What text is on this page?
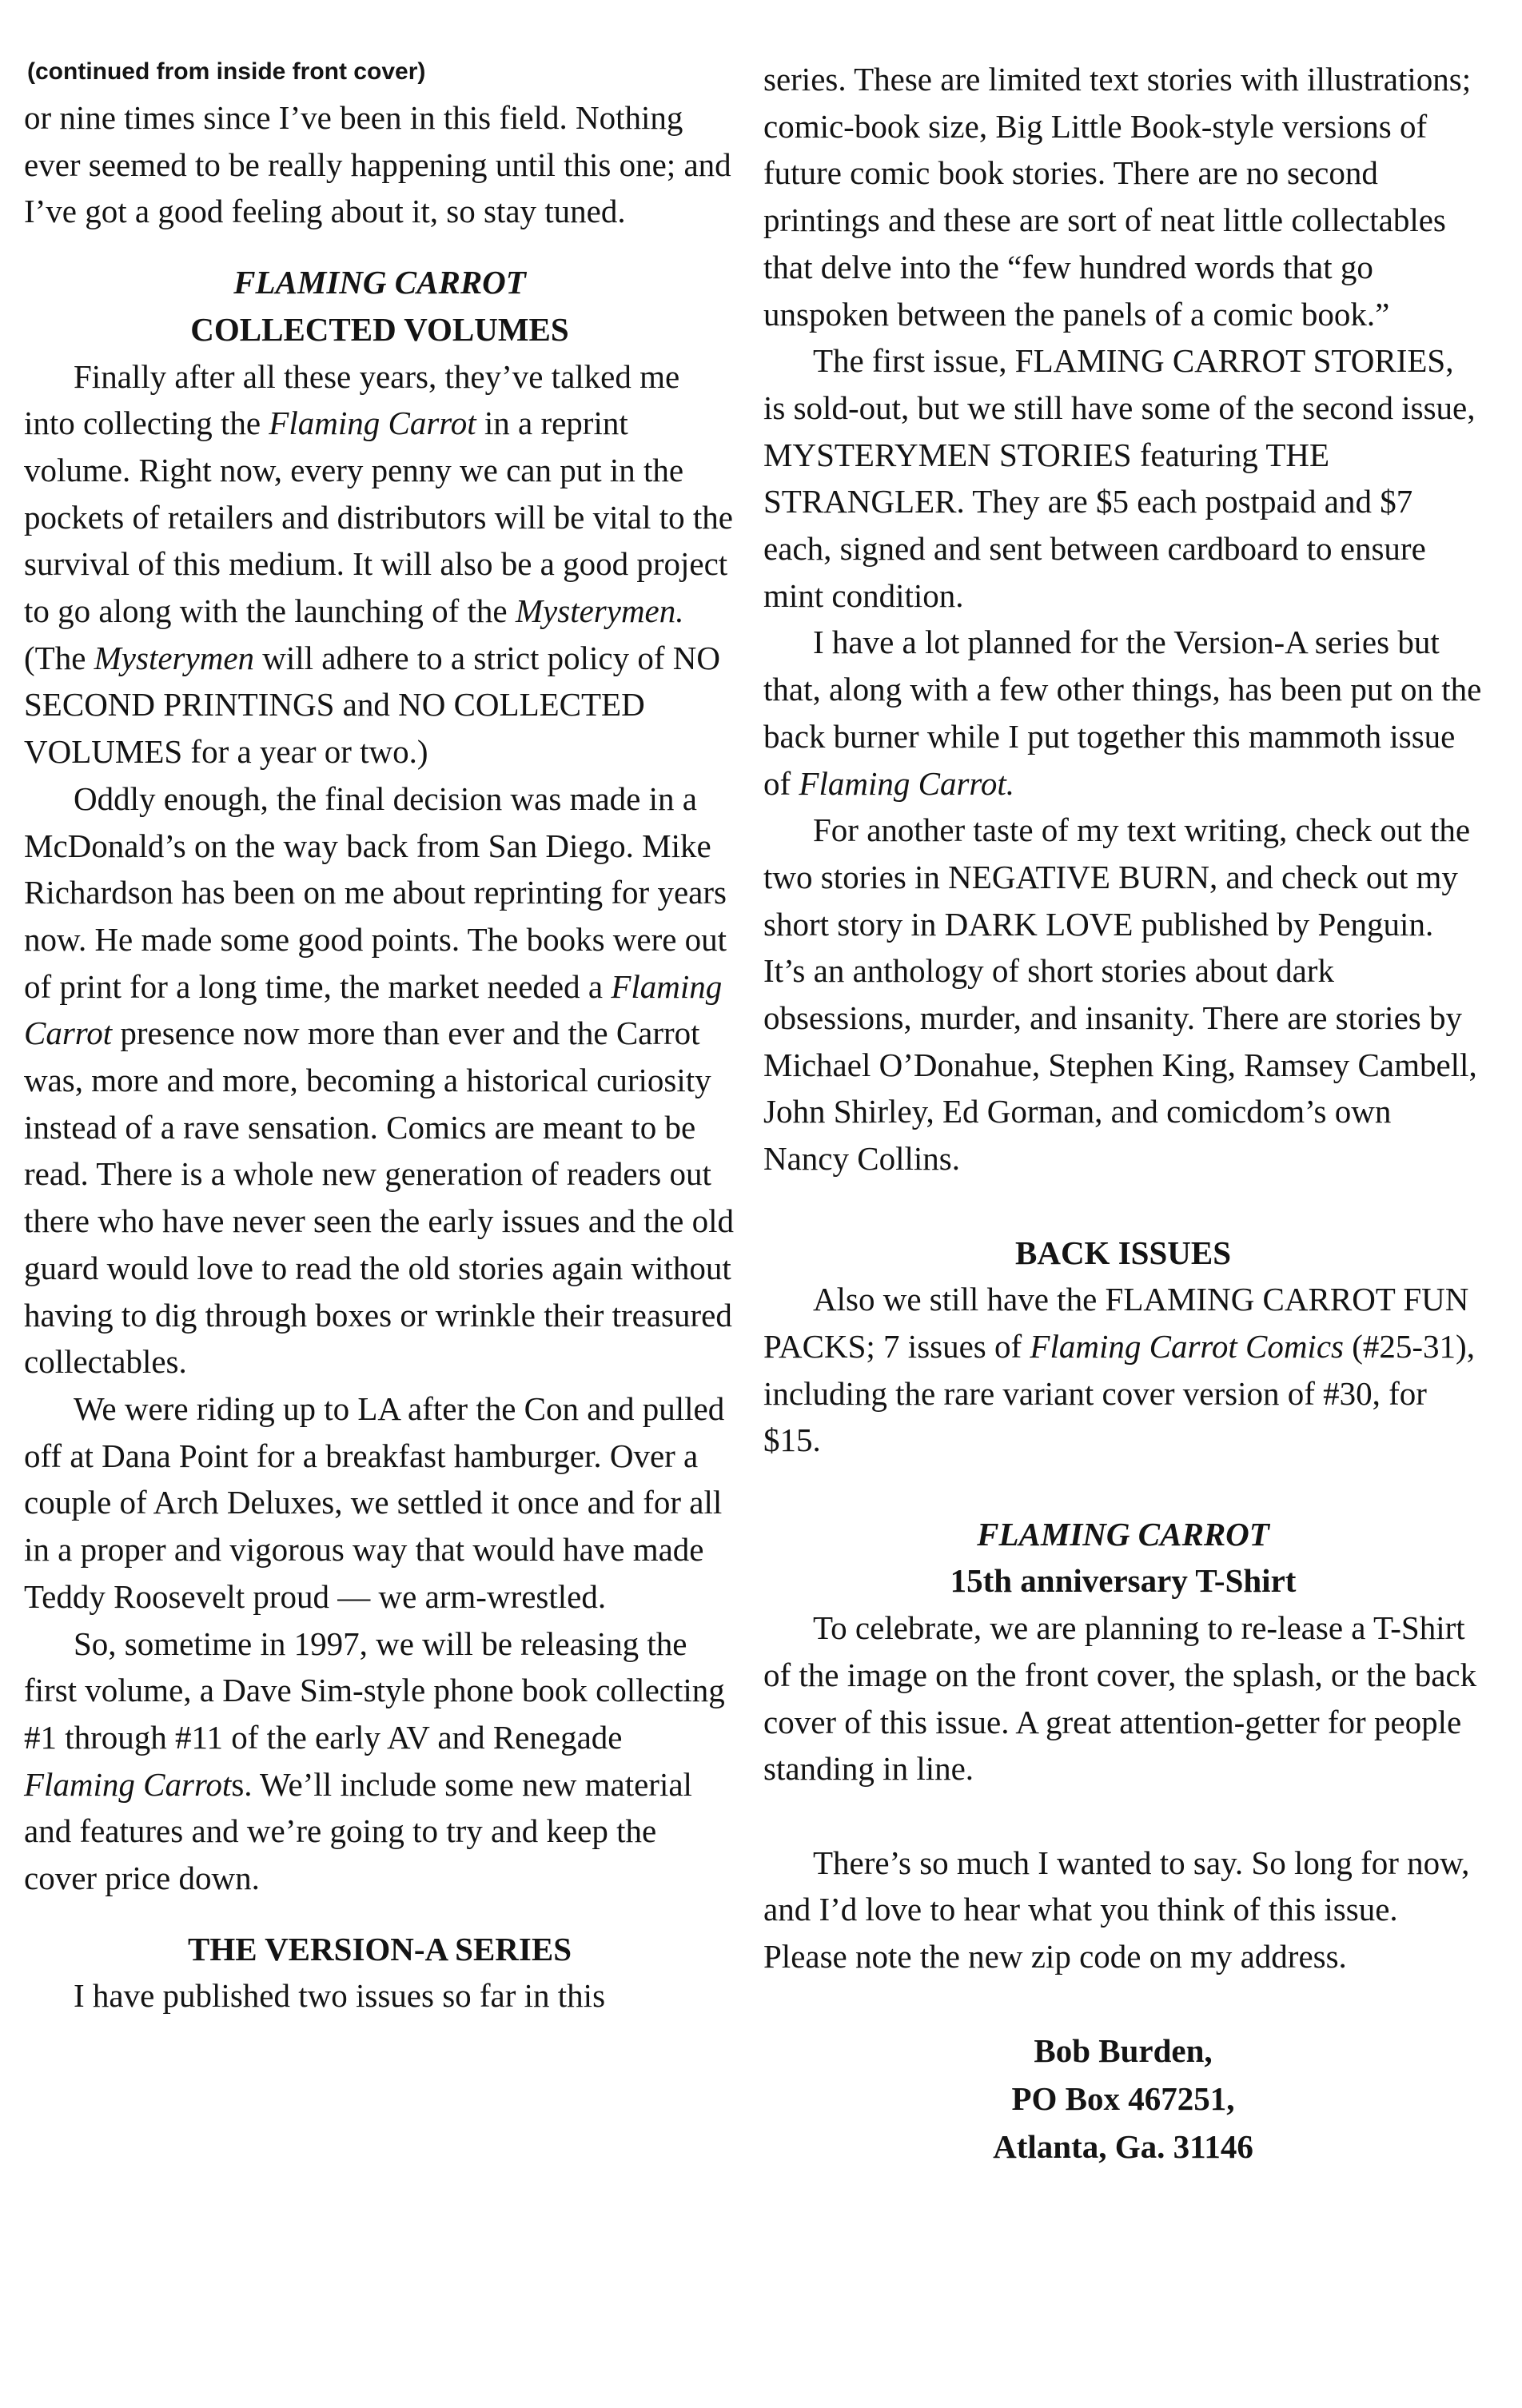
(continued from inside front cover)

or nine times since I’ve been in this field. Nothing ever seemed to be really happening until this one; and I’ve got a good feeling about it, so stay tuned.

FLAMING CARROT
COLLECTED VOLUMES

Finally after all these years, they’ve talked me into collecting the Flaming Carrot in a reprint volume. Right now, every penny we can put in the pockets of retailers and distributors will be vital to the survival of this medium. It will also be a good project to go along with the launching of the Mysterymen. (The Mysterymen will adhere to a strict policy of NO SECOND PRINTINGS and NO COLLECTED VOLUMES for a year or two.)

Oddly enough, the final decision was made in a McDonald’s on the way back from San Diego. Mike Richardson has been on me about reprinting for years now. He made some good points. The books were out of print for a long time, the market needed a Flaming Carrot presence now more than ever and the Carrot was, more and more, becoming a historical curiosity instead of a rave sensation. Comics are meant to be read. There is a whole new generation of readers out there who have never seen the early issues and the old guard would love to read the old stories again without having to dig through boxes or wrinkle their treasured collectables.

We were riding up to LA after the Con and pulled off at Dana Point for a breakfast hamburger. Over a couple of Arch Deluxes, we settled it once and for all in a proper and vigorous way that would have made Teddy Roosevelt proud — we arm-wrestled.

So, sometime in 1997, we will be releasing the first volume, a Dave Sim-style phone book collecting #1 through #11 of the early AV and Renegade Flaming Carrots. We’ll include some new material and features and we’re going to try and keep the cover price down.

THE VERSION-A SERIES

I have published two issues so far in this

series. These are limited text stories with illustrations; comic-book size, Big Little Book-style versions of future comic book stories. There are no second printings and these are sort of neat little collectables that delve into the “few hundred words that go unspoken between the panels of a comic book.”

The first issue, FLAMING CARROT STORIES, is sold-out, but we still have some of the second issue, MYSTERYMEN STORIES featuring THE STRANGLER. They are $5 each postpaid and $7 each, signed and sent between cardboard to ensure mint condition.

I have a lot planned for the Version-A series but that, along with a few other things, has been put on the back burner while I put together this mammoth issue of Flaming Carrot.

For another taste of my text writing, check out the two stories in NEGATIVE BURN, and check out my short story in DARK LOVE published by Penguin. It’s an anthology of short stories about dark obsessions, murder, and insanity. There are stories by Michael O’Donahue, Stephen King, Ramsey Cambell, John Shirley, Ed Gorman, and comicdom’s own Nancy Collins.

BACK ISSUES

Also we still have the FLAMING CARROT FUN PACKS; 7 issues of Flaming Carrot Comics (#25-31), including the rare variant cover version of #30, for $15.

FLAMING CARROT
15th anniversary T-Shirt

To celebrate, we are planning to re-lease a T-Shirt of the image on the front cover, the splash, or the back cover of this issue. A great attention-getter for people standing in line.

There’s so much I wanted to say. So long for now, and I’d love to hear what you think of this issue. Please note the new zip code on my address.

Bob Burden,
PO Box 467251,
Atlanta, Ga. 31146
